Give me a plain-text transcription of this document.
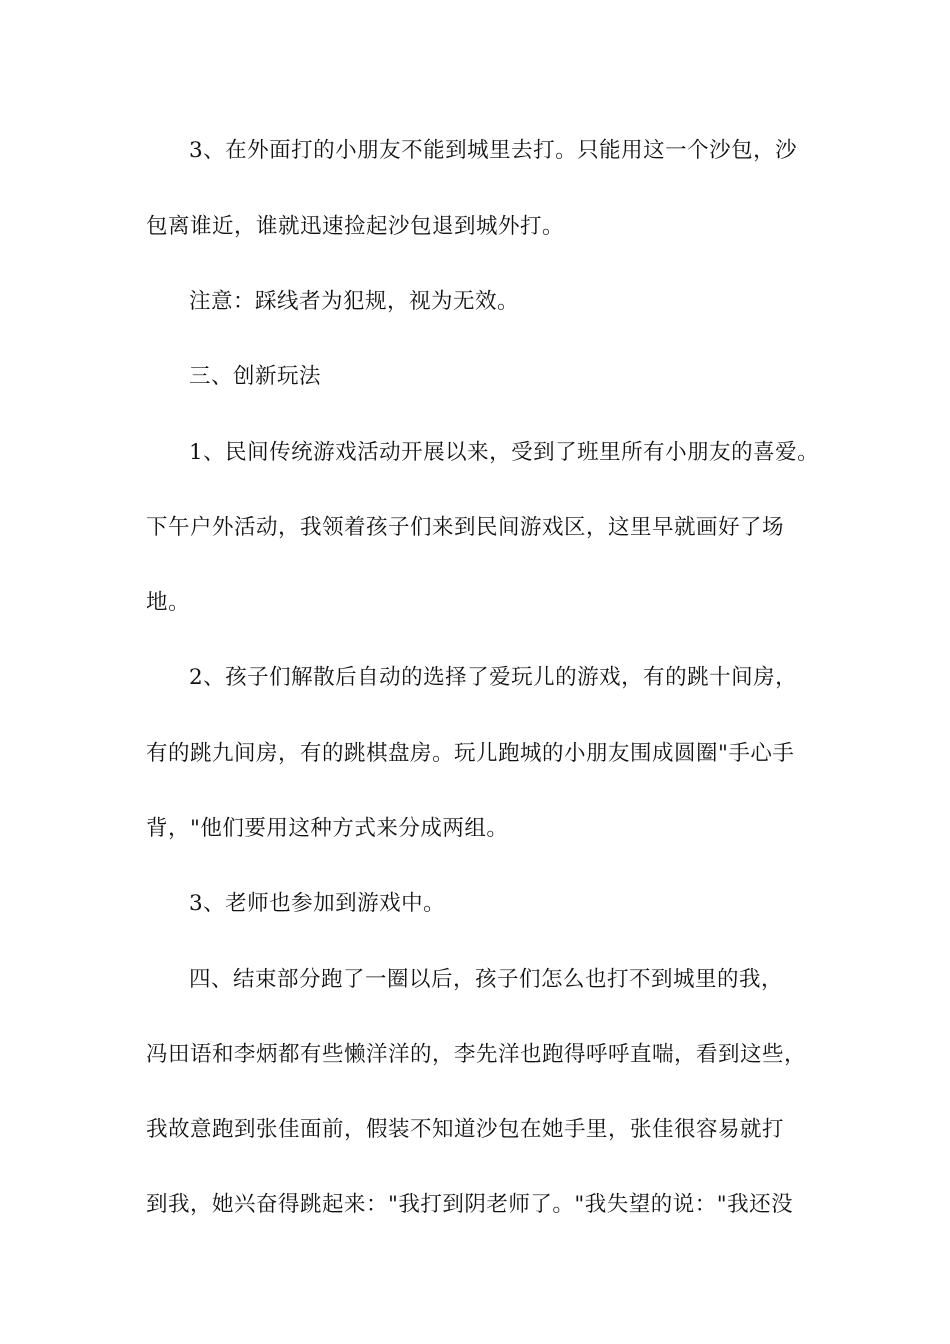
3、在外面打的小朋友不能到城里去打。只能用这一个沙包，沙
包离谁近，谁就迅速捡起沙包退到城外打。
注意：踩线者为犯规，视为无效。
三、创新玩法
1、民间传统游戏活动开展以来，受到了班里所有小朋友的喜爱。
下午户外活动，我领着孩子们来到民间游戏区，这里早就画好了场
地。
2、孩子们解散后自动的选择了爱玩儿的游戏，有的跳十间房，
有的跳九间房，有的跳棋盘房。玩儿跑城的小朋友围成圆圈"手心手
背，"他们要用这种方式来分成两组。
3、老师也参加到游戏中。
四、结束部分跑了一圈以后，孩子们怎么也打不到城里的我，
冯田语和李炳都有些懒洋洋的，李先洋也跑得呼呼直喘，看到这些，
我故意跑到张佳面前，假装不知道沙包在她手里，张佳很容易就打
到我，她兴奋得跳起来："我打到阴老师了。"我失望的说："我还没
